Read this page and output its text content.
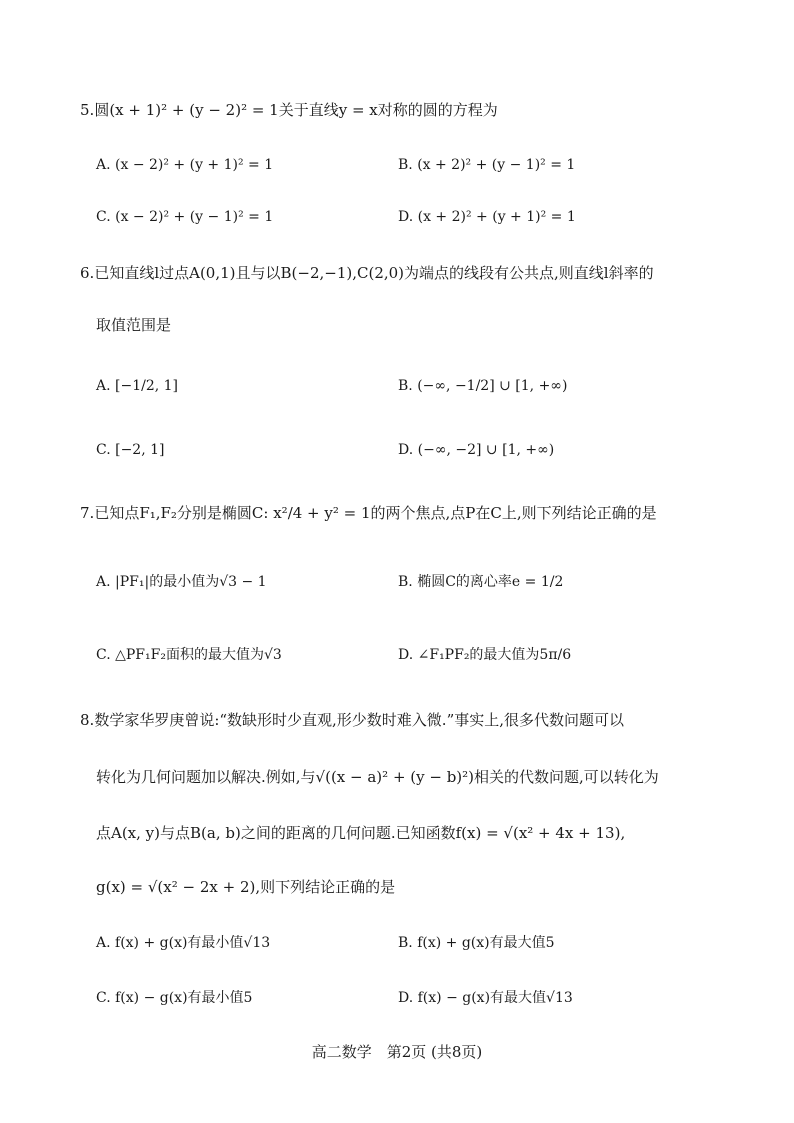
5.圆(x + 1)² + (y − 2)² = 1关于直线y = x对称的圆的方程为
A. (x − 2)² + (y + 1)² = 1	B. (x + 2)² + (y − 1)² = 1
C. (x − 2)² + (y − 1)² = 1	D. (x + 2)² + (y + 1)² = 1
6.已知直线l过点A(0,1)且与以B(−2,−1),C(2,0)为端点的线段有公共点,则直线l斜率的
取值范围是
A. [−1/2, 1]	B. (−∞, −1/2] ∪ [1, +∞)
C. [−2, 1]	D. (−∞, −2] ∪ [1, +∞)
7.已知点F₁,F₂分别是椭圆C: x²/4 + y² = 1的两个焦点,点P在C上,则下列结论正确的是
A. |PF₁|的最小值为√3 − 1	B. 椭圆C的离心率e = 1/2
C. △PF₁F₂面积的最大值为√3	D. ∠F₁PF₂的最大值为5π/6
8.数学家华罗庚曾说:“数缺形时少直观,形少数时难入微.”事实上,很多代数问题可以
转化为几何问题加以解决.例如,与√((x − a)² + (y − b)²)相关的代数问题,可以转化为
点A(x, y)与点B(a, b)之间的距离的几何问题.已知函数f(x) = √(x² + 4x + 13),
g(x) = √(x² − 2x + 2),则下列结论正确的是
A. f(x) + g(x)有最小值√13	B. f(x) + g(x)有最大值5
C. f(x) − g(x)有最小值5	D. f(x) − g(x)有最大值√13
高二数学　第2页 (共8页)
